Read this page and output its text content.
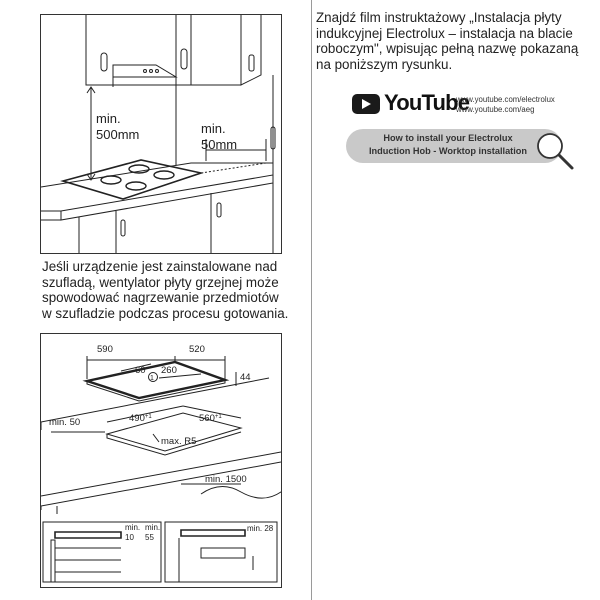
min.
500mm	min.
50mm

Jeśli urządzenie jest zainstalowane nad szufladą, wentylator płyty grzejnej może spowodować nagrzewanie przedmiotów w szufladzie podczas procesu gotowania.

590	520
60
1
260
44
min. 50	$490^{+1}$	$560^{+1}$
max. R5
min. 1500
min.
10
min.
55
min. 28

Znajdź film instruktażowy „Instalacja płyty indukcyjnej Electrolux – instalacja na blacie roboczym", wpisując pełną nazwę pokazaną na poniższym rysunku.

YouTube
www.youtube.com/electrolux
www.youtube.com/aeg
How to install your Electrolux
Induction Hob - Worktop installation
